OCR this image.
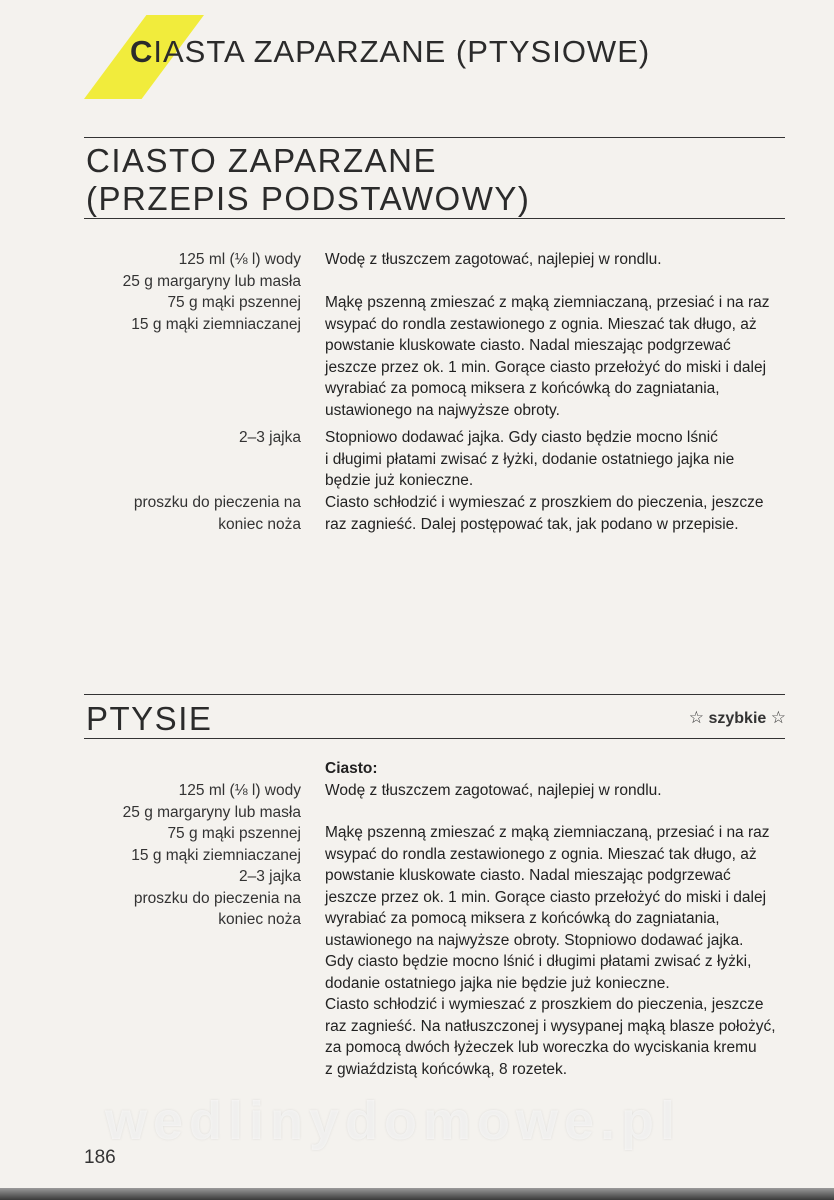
CIASTA ZAPARZANE (PTYSIOWE)
CIASTO ZAPARZANE
(PRZEPIS PODSTAWOWY)
125 ml (⅛ l) wody
25 g margaryny lub masła
75 g mąki pszennej
15 g mąki ziemniaczanej
Wodę z tłuszczem zagotować, najlepiej w rondlu.
Mąkę pszenną zmieszać z mąką ziemniaczaną, przesiać i na raz
wsypać do rondla zestawionego z ognia. Mieszać tak długo, aż
powstanie kluskowate ciasto. Nadal mieszając podgrzewać
jeszcze przez ok. 1 min. Gorące ciasto przełożyć do miski i dalej
wyrabiać za pomocą miksera z końcówką do zagniatania,
ustawionego na najwyższe obroty.
2–3 jajka Stopniowo dodawać jajka. Gdy ciasto będzie mocno lśnić
i długimi płatami zwisać z łyżki, dodanie ostatniego jajka nie
będzie już konieczne.
proszku do pieczenia na
koniec noża
Ciasto schłodzić i wymieszać z proszkiem do pieczenia, jeszcze
raz zagnieść. Dalej postępować tak, jak podano w przepisie.
PTYSIE	☆ szybkie ☆
Ciasto:
125 ml (⅛ l) wody
25 g margaryny lub masła
75 g mąki pszennej
15 g mąki ziemniaczanej
2–3 jajka
proszku do pieczenia na
koniec noża
Wodę z tłuszczem zagotować, najlepiej w rondlu.
Mąkę pszenną zmieszać z mąką ziemniaczaną, przesiać i na raz
wsypać do rondla zestawionego z ognia. Mieszać tak długo, aż
powstanie kluskowate ciasto. Nadal mieszając podgrzewać
jeszcze przez ok. 1 min. Gorące ciasto przełożyć do miski i dalej
wyrabiać za pomocą miksera z końcówką do zagniatania,
ustawionego na najwyższe obroty. Stopniowo dodawać jajka.
Gdy ciasto będzie mocno lśnić i długimi płatami zwisać z łyżki,
dodanie ostatniego jajka nie będzie już konieczne.
Ciasto schłodzić i wymieszać z proszkiem do pieczenia, jeszcze
raz zagnieść. Na natłuszczonej i wysypanej mąką blasze położyć,
za pomocą dwóch łyżeczek lub woreczka do wyciskania kremu
z gwiaździstą końcówką, 8 rozetek.
wedlinydomowe.pl
186
